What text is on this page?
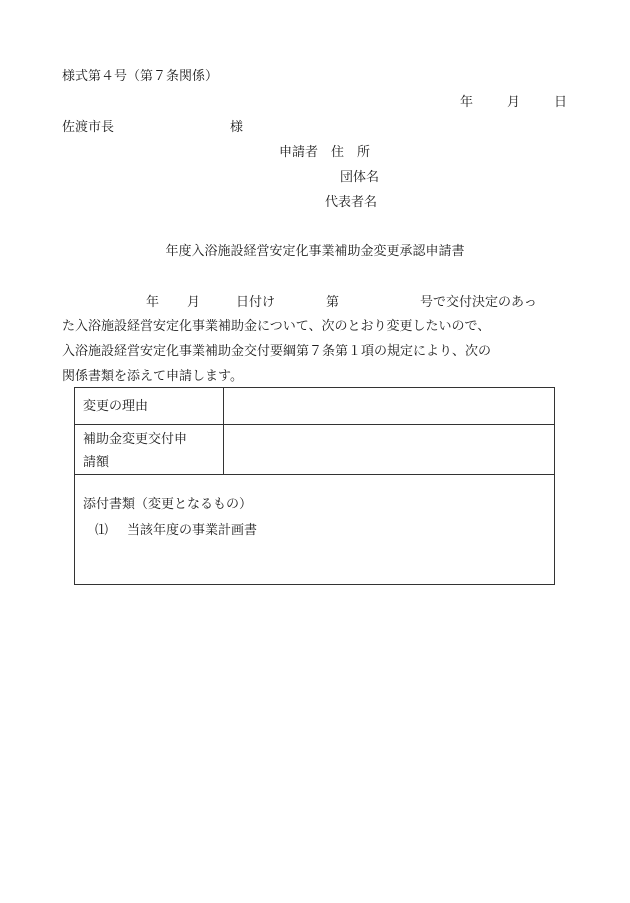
様式第４号（第７条関係）
年	月	日
佐渡市長	様
申請者　住　所
団体名
代表者名
年度入浴施設経営安定化事業補助金変更承認申請書
年 月	日付け	第	号で交付決定のあっ
た入浴施設経営安定化事業補助金について、次のとおり変更したいので、
入浴施設経営安定化事業補助金交付要綱第７条第１項の規定により、次の
関係書類を添えて申請します。
変更の理由
補助金変更交付申
請額
添付書類（変更となるもの）
⑴ 当該年度の事業計画書
